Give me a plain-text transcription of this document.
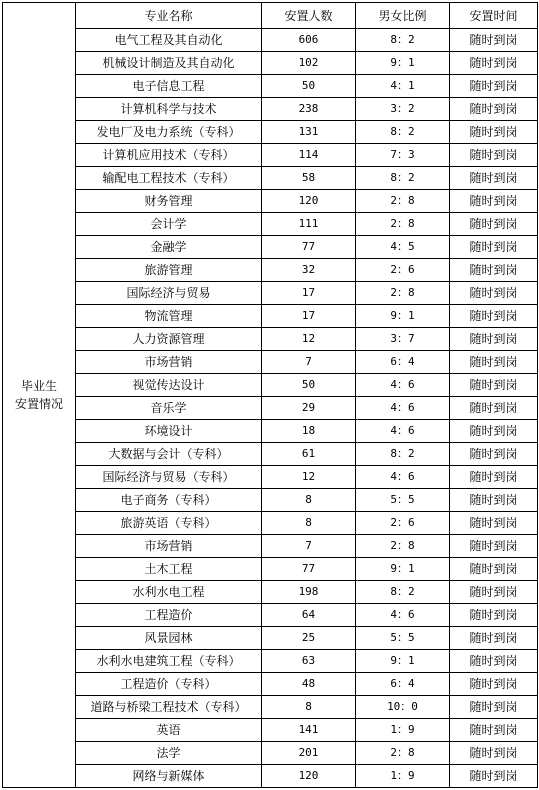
毕业生
安置情况	专业名称	安置人数	男女比例	安置时间
	电气工程及其自动化	606	8：2	随时到岗
	机械设计制造及其自动化	102	9：1	随时到岗
	电子信息工程	50	4：1	随时到岗
	计算机科学与技术	238	3：2	随时到岗
	发电厂及电力系统（专科）	131	8：2	随时到岗
	计算机应用技术（专科）	114	7：3	随时到岗
	输配电工程技术（专科）	58	8：2	随时到岗
	财务管理	120	2：8	随时到岗
	会计学	111	2：8	随时到岗
	金融学	77	4：5	随时到岗
	旅游管理	32	2：6	随时到岗
	国际经济与贸易	17	2：8	随时到岗
	物流管理	17	9：1	随时到岗
	人力资源管理	12	3：7	随时到岗
	市场营销	7	6：4	随时到岗
	视觉传达设计	50	4：6	随时到岗
	音乐学	29	4：6	随时到岗
	环境设计	18	4：6	随时到岗
	大数据与会计（专科）	61	8：2	随时到岗
	国际经济与贸易（专科）	12	4：6	随时到岗
	电子商务（专科）	8	5：5	随时到岗
	旅游英语（专科）	8	2：6	随时到岗
	市场营销	7	2：8	随时到岗
	土木工程	77	9：1	随时到岗
	水利水电工程	198	8：2	随时到岗
	工程造价	64	4：6	随时到岗
	风景园林	25	5：5	随时到岗
	水利水电建筑工程（专科）	63	9：1	随时到岗
	工程造价（专科）	48	6：4	随时到岗
	道路与桥梁工程技术（专科）	8	10：0	随时到岗
	英语	141	1：9	随时到岗
	法学	201	2：8	随时到岗
	网络与新媒体	120	1：9	随时到岗
